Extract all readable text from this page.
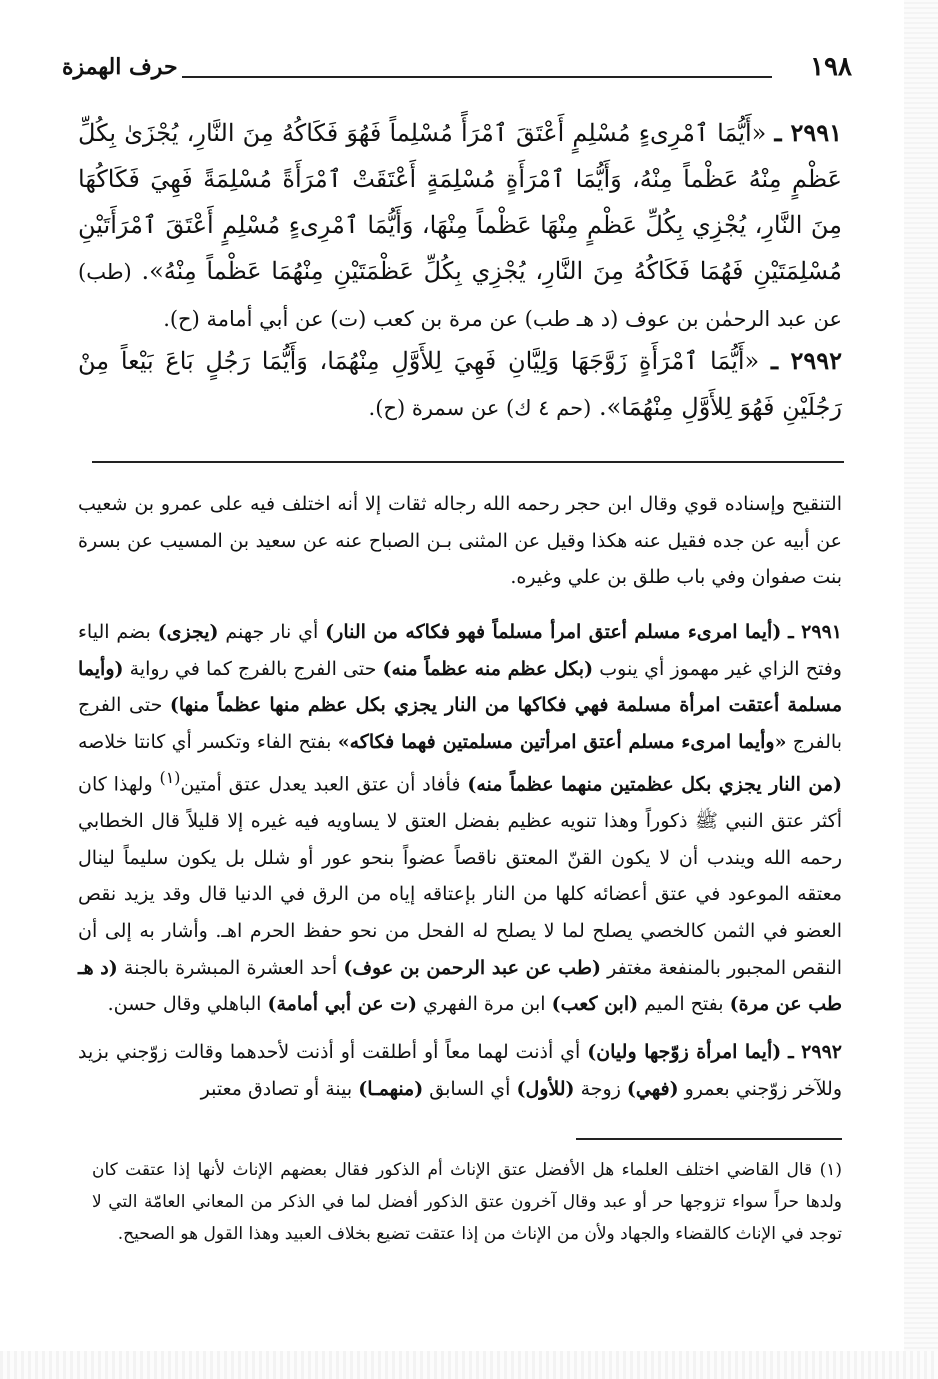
١٩٨
حرف الهمزة
٢٩٩١ ـ «أَيُّمَا ٱمْرِىءٍ مُسْلِمٍ أَعْتَقَ ٱمْرَأً مُسْلِماً فَهُوَ فَكَاكُهُ مِنَ النَّارِ، يُجْزَىٰ بِكُلِّ عَظْمٍ مِنْهُ عَظْماً مِنْهُ، وَأَيُّمَا ٱمْرَأَةٍ مُسْلِمَةٍ أَعْتَقَتْ ٱمْرَأَةً مُسْلِمَةً فَهِيَ فَكَاكُهَا مِنَ النَّارِ، يُجْزِي بِكُلِّ عَظْمٍ مِنْهَا عَظْماً مِنْهَا، وَأَيُّمَا ٱمْرِىءٍ مُسْلِمٍ أَعْتَقَ ٱمْرَأَتَيْنِ مُسْلِمَتَيْنِ فَهُمَا فَكَاكُهُ مِنَ النَّارِ، يُجْزِي بِكُلِّ عَظْمَتَيْنِ مِنْهُمَا عَظْماً مِنْهُ». (طب) عن عبد الرحمٰن بن عوف (د هـ طب) عن مرة بن كعب (ت) عن أبي أمامة (ح).
٢٩٩٢ ـ «أَيُّمَا ٱمْرَأَةٍ زَوَّجَهَا وَلِيَّانِ فَهِيَ لِلأَوَّلِ مِنْهُمَا، وَأَيُّمَا رَجُلٍ بَاعَ بَيْعاً مِنْ رَجُلَيْنِ فَهُوَ لِلأَوَّلِ مِنْهُمَا». (حم ٤ ك) عن سمرة (ح).
التنقيح وإسناده قوي وقال ابن حجر رحمه الله رجاله ثقات إلا أنه اختلف فيه على عمرو بن شعيب عن أبيه عن جده فقيل عنه هكذا وقيل عن المثنى بـن الصباح عنه عن سعيد بن المسيب عن بسرة بنت صفوان وفي باب طلق بن علي وغيره.
٢٩٩١ ـ (أيما امرىء مسلم أعتق امرأ مسلماً فهو فكاكه من النار) أي نار جهنم (يجزى) بضم الياء وفتح الزاي غير مهموز أي ينوب (بكل عظم منه عظماً منه) حتى الفرج بالفرج كما في رواية (وأيما مسلمة أعتقت امرأة مسلمة فهي فكاكها من النار يجزي بكل عظم منها عظماً منها) حتى الفرج بالفرج «وأيما امرىء مسلم أعتق امرأتين مسلمتين فهما فكاكه» بفتح الفاء وتكسر أي كانتا خلاصه (من النار يجزي بكل عظمتين منهما عظماً منه) فأفاد أن عتق العبد يعدل عتق أمتين$^{(١)}$ ولهذا كان أكثر عتق النبي ﷺ ذكوراً وهذا تنويه عظيم بفضل العتق لا يساويه فيه غيره إلا قليلاً قال الخطابي رحمه الله ويندب أن لا يكون القنّ المعتق ناقصاً عضواً بنحو عور أو شلل بل يكون سليماً لينال معتقه الموعود في عتق أعضائه كلها من النار بإعتاقه إياه من الرق في الدنيا قال وقد يزيد نقص العضو في الثمن كالخصي يصلح لما لا يصلح له الفحل من نحو حفظ الحرم اهـ. وأشار به إلى أن النقص المجبور بالمنفعة مغتفر (طب عن عبد الرحمن بن عوف) أحد العشرة المبشرة بالجنة (د هـ طب عن مرة) بفتح الميم (ابن كعب) ابن مرة الفهري (ت عن أبي أمامة) الباهلي وقال حسن.
٢٩٩٢ ـ (أيما امرأة زوّجها وليان) أي أذنت لهما معاً أو أطلقت أو أذنت لأحدهما وقالت زوّجني بزيد وللآخر زوّجني بعمرو (فهي) زوجة (للأول) أي السابق (منهمـا) بينة أو تصادق معتبر
(١) قال القاضي اختلف العلماء هل الأفضل عتق الإناث أم الذكور فقال بعضهم الإناث لأنها إذا عتقت كان ولدها حراً سواء تزوجها حر أو عبد وقال آخرون عتق الذكور أفضل لما في الذكر من المعاني العامّة التي لا توجد في الإناث كالقضاء والجهاد ولأن من الإناث من إذا عتقت تضيع بخلاف العبيد وهذا القول هو الصحيح.
